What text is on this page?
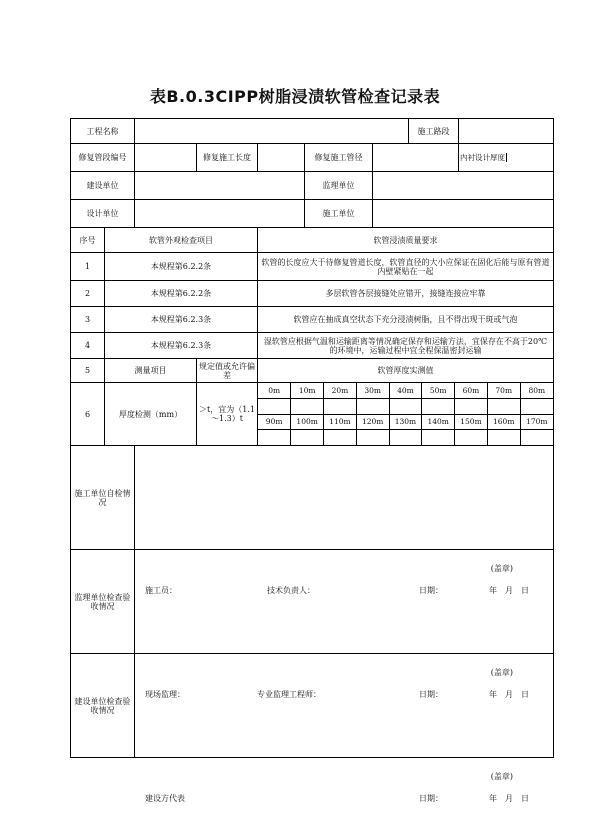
表B.0.3CIPP树脂浸渍软管检查记录表
工程名称		施工路段	
修复管段编号		修复施工长度		修复施工管径			内衬设计厚度	

建设单位		监理单位	
设计单位		施工单位	
序号	软管外观检查项目	软管浸渍质量要求
1	本规程第6.2.2条	软管的长度应大于待修复管道长度，软管直径的大小应保证在固化后能与原有管道内壁紧贴在一起
2	本规程第6.2.2条	多层软管各层接缝处应错开，接缝连接应牢靠
3	本规程第6.2.3条	软管应在抽成真空状态下充分浸渍树脂，且不得出现干斑或气泡
4	本规程第6.2.3条	湿软管应根据气温和运输距离等情况确定保存和运输方法，宜保存在不高于20℃的环境中，运输过程中宜全程保温密封运输
5	测量项目	规定值或允许偏差	软管厚度实测值
6	厚度检测（mm）	＞t，宜为（1.1～1.3）t	
0m	10m	20m	30m	40m	50m	60m	70m	80m

90m	100m	110m	120m	130m	140m	150m	160m	170m

施工单位自检情况	
(盖章)
施工员：	技术负责人：	日期：	年　月　日

监理单位检查验收情况	
(盖章)
现场监理：	专业监理工程师：	日期：	年　月　日

建设单位检查验收情况	
(盖章)
建设方代表	日期：	年　月　日
